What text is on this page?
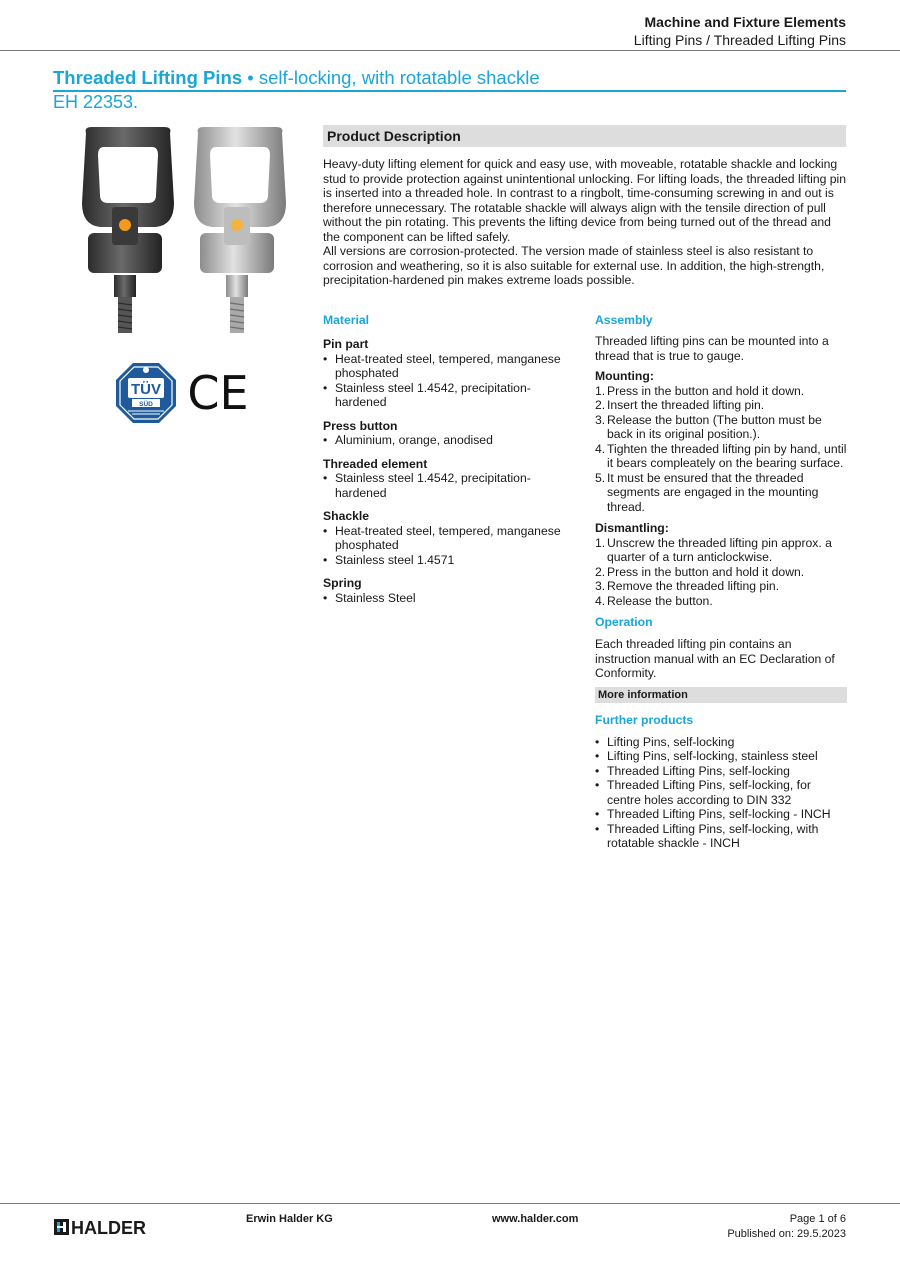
Machine and Fixture Elements
Lifting Pins / Threaded Lifting Pins
Threaded Lifting Pins • self-locking, with rotatable shackle
EH 22353.
TÜV
SÜD CE
Product Description

Heavy-duty lifting element for quick and easy use, with moveable, rotatable shackle and locking stud to provide protection against unintentional unlocking. For lifting loads, the threaded lifting pin is inserted into a threaded hole. In contrast to a ringbolt, time-consuming screwing in and out is therefore unnecessary. The rotatable shackle will always align with the tensile direction of pull without the pin rotating. This prevents the lifting device from being turned out of the thread and the component can be lifted safely.

All versions are corrosion-protected. The version made of stainless steel is also resistant to corrosion and weathering, so it is also suitable for external use. In addition, the high-strength, precipitation-hardened pin makes extreme loads possible.

Material
Pin part
• Heat-treated steel, tempered, manganese phosphated
• Stainless steel 1.4542, precipitation-hardened
Press button
• Aluminium, orange, anodised
Threaded element
• Stainless steel 1.4542, precipitation-hardened
Shackle
• Heat-treated steel, tempered, manganese phosphated
• Stainless steel 1.4571
Spring
• Stainless Steel
Assembly
Threaded lifting pins can be mounted into a thread that is true to gauge.
Mounting:
1. Press in the button and hold it down.
2. Insert the threaded lifting pin.
3. Release the button (The button must be back in its original position.).
4. Tighten the threaded lifting pin by hand, until it bears compleately on the bearing surface.
5. It must be ensured that the threaded segments are engaged in the mounting thread.
Dismantling:
1. Unscrew the threaded lifting pin approx. a quarter of a turn anticlockwise.
2. Press in the button and hold it down.
3. Remove the threaded lifting pin.
4. Release the button.
Operation
Each threaded lifting pin contains an instruction manual with an EC Declaration of Conformity.
More information
Further products
• Lifting Pins, self-locking
• Lifting Pins, self-locking, stainless steel
• Threaded Lifting Pins, self-locking
• Threaded Lifting Pins, self-locking, for centre holes according to DIN 332
• Threaded Lifting Pins, self-locking - INCH
• Threaded Lifting Pins, self-locking, with rotatable shackle - INCH
HALDER	Erwin Halder KG	www.halder.com	Page 1 of 6
Published on: 29.5.2023
